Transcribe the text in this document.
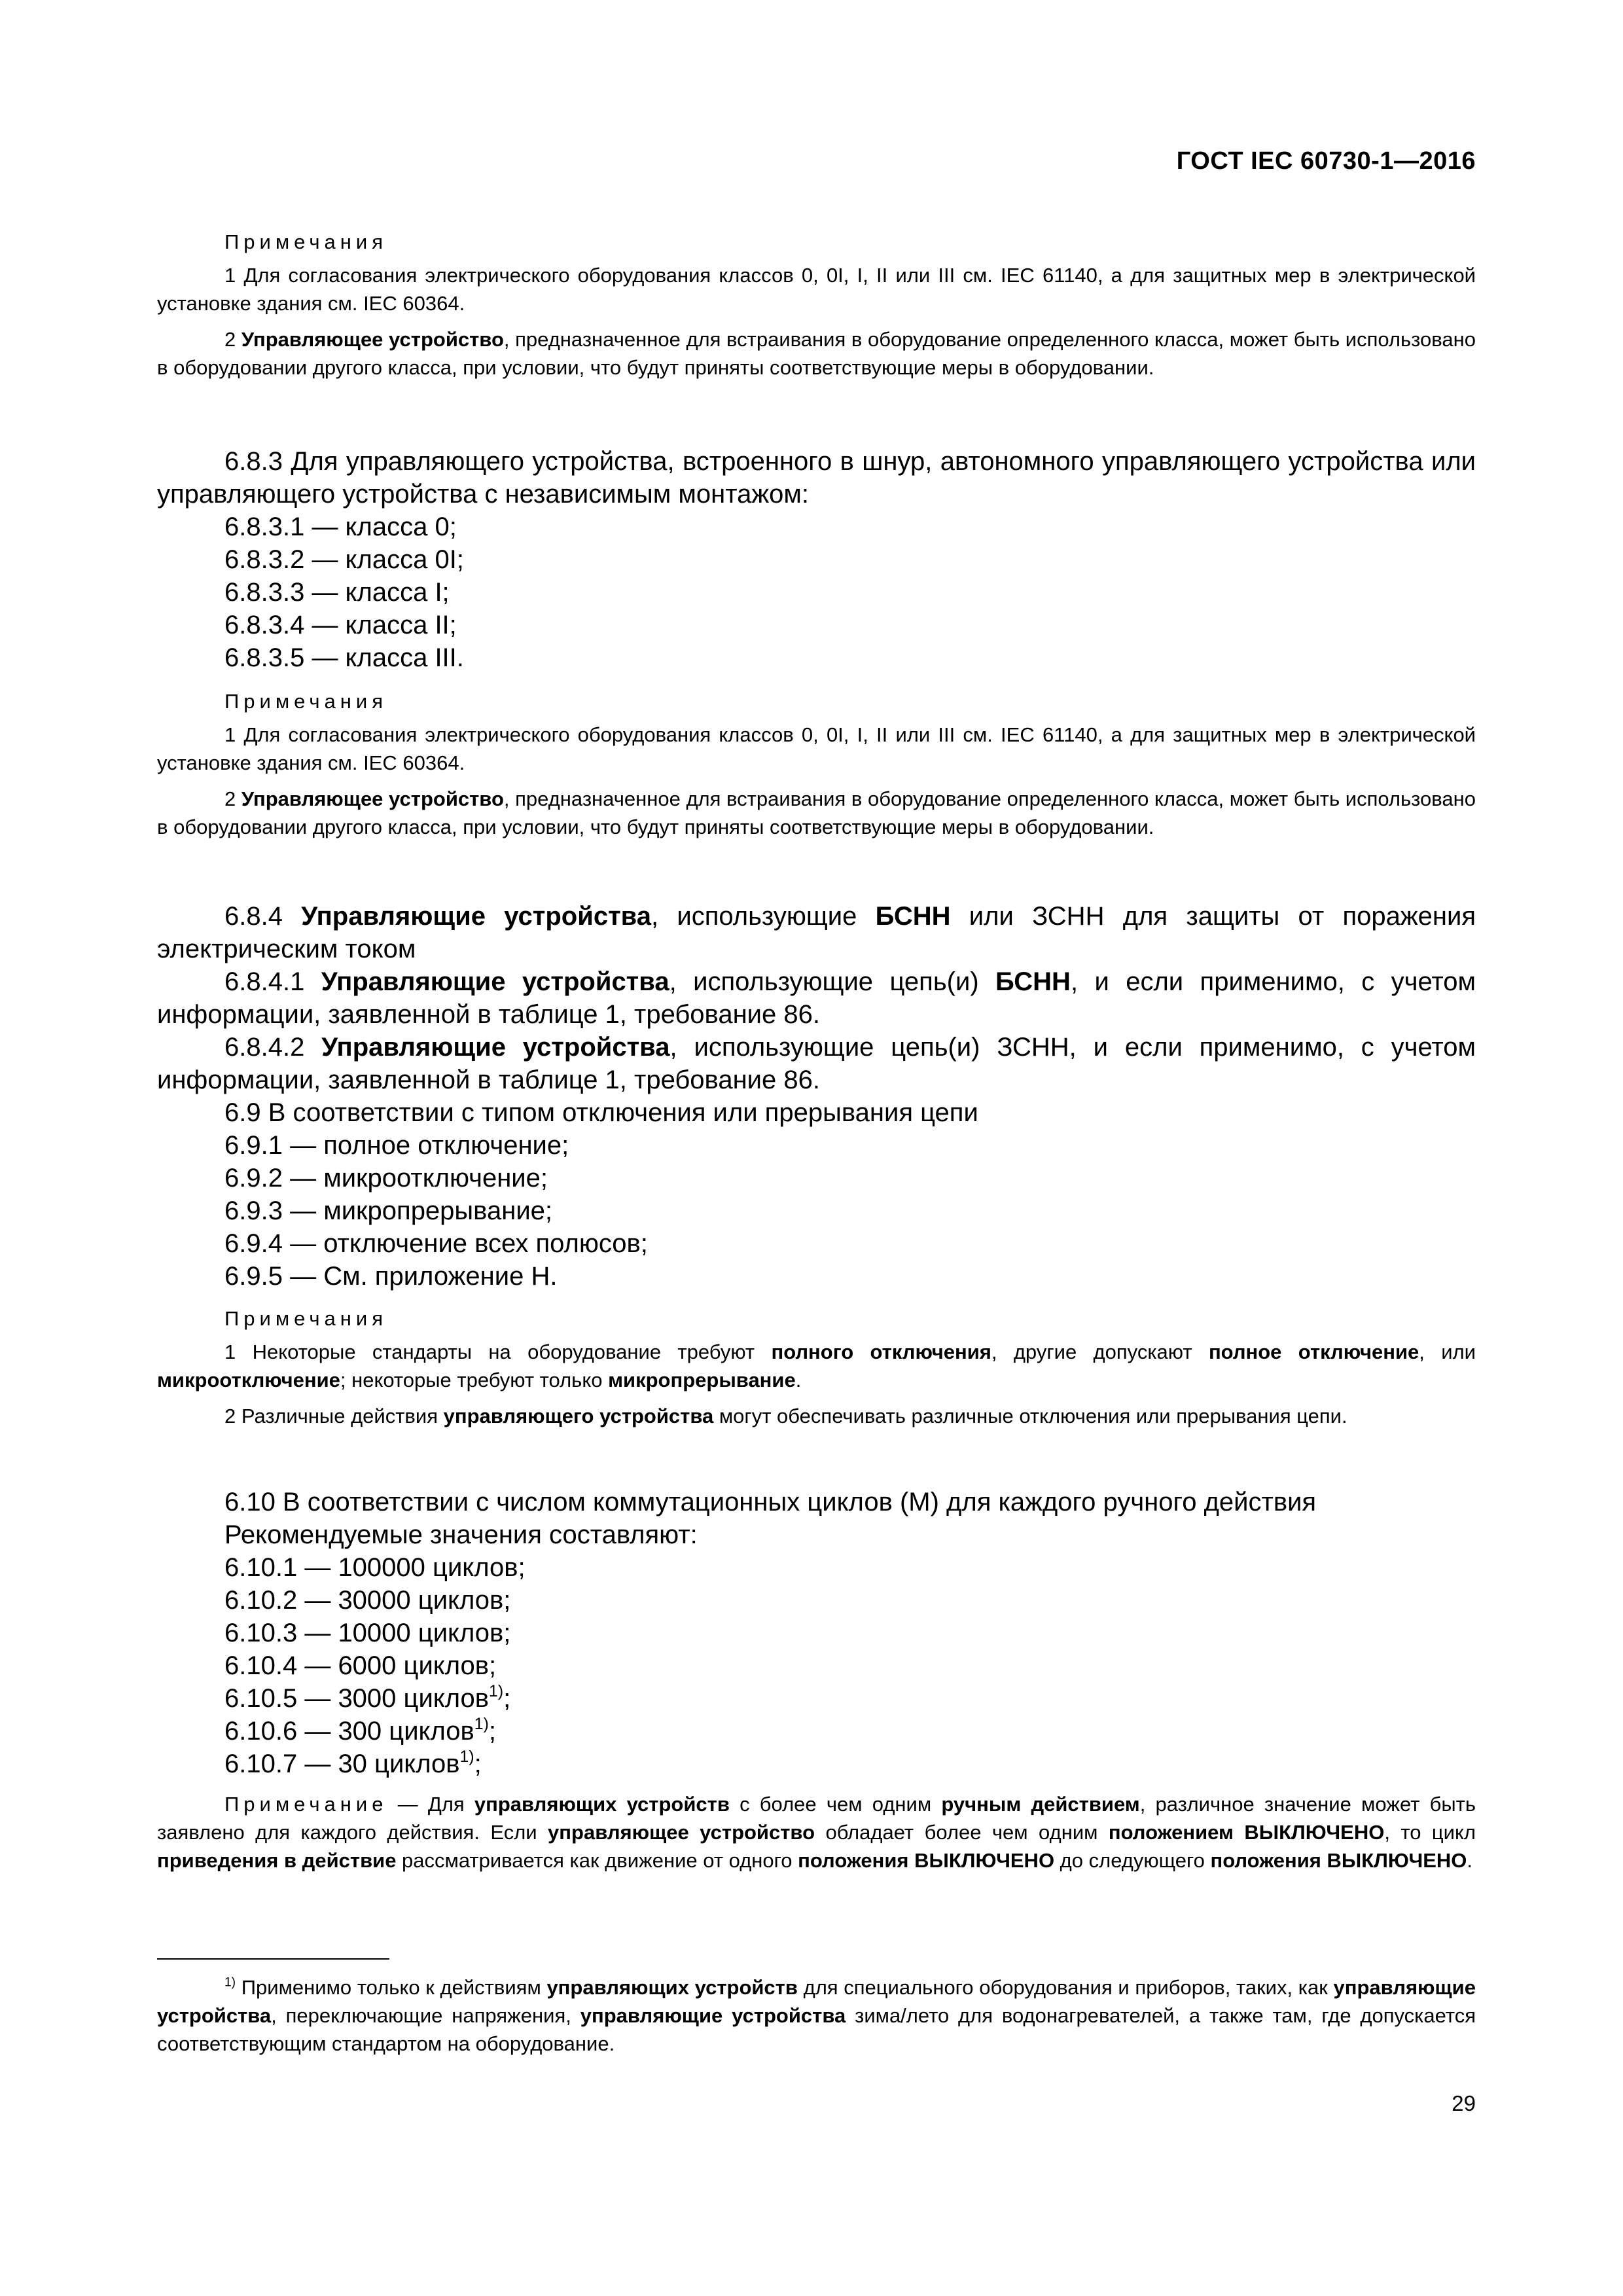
ГОСТ IEC 60730-1—2016

Примечания

1 Для согласования электрического оборудования классов 0, 0I, I, II или III см. IEC 61140, а для защитных мер в электрической установке здания см. IEC 60364.

2 Управляющее устройство, предназначенное для встраивания в оборудование определенного класса, может быть использовано в оборудовании другого класса, при условии, что будут приняты соответствующие меры в оборудовании.

6.8.3 Для управляющего устройства, встроенного в шнур, автономного управляющего устройства или управляющего устройства с независимым монтажом:

6.8.3.1 — класса 0;

6.8.3.2 — класса 0I;

6.8.3.3 — класса I;

6.8.3.4 — класса II;

6.8.3.5 — класса III.

Примечания

1 Для согласования электрического оборудования классов 0, 0I, I, II или III см. IEC 61140, а для защитных мер в электрической установке здания см. IEC 60364.

2 Управляющее устройство, предназначенное для встраивания в оборудование определенного класса, может быть использовано в оборудовании другого класса, при условии, что будут приняты соответствующие меры в оборудовании.

6.8.4 Управляющие устройства, использующие БСНН или ЗСНН для защиты от поражения электрическим током

6.8.4.1 Управляющие устройства, использующие цепь(и) БСНН, и если применимо, с учетом информации, заявленной в таблице 1, требование 86.

6.8.4.2 Управляющие устройства, использующие цепь(и) ЗСНН, и если применимо, с учетом информации, заявленной в таблице 1, требование 86.

6.9 В соответствии с типом отключения или прерывания цепи

6.9.1 — полное отключение;

6.9.2 — микроотключение;

6.9.3 — микропрерывание;

6.9.4 — отключение всех полюсов;

6.9.5 — См. приложение Н.

Примечания

1 Некоторые стандарты на оборудование требуют полного отключения, другие допускают полное отключение, или микроотключение; некоторые требуют только микропрерывание.

2 Различные действия управляющего устройства могут обеспечивать различные отключения или прерывания цепи.

6.10 В соответствии с числом коммутационных циклов (М) для каждого ручного действия

Рекомендуемые значения составляют:

6.10.1 — 100000 циклов;

6.10.2 — 30000 циклов;

6.10.3 — 10000 циклов;

6.10.4 — 6000 циклов;

6.10.5 — 3000 циклов$^{1)}$;

6.10.6 — 300 циклов$^{1)}$;

6.10.7 — 30 циклов$^{1)}$;

Примечание — Для управляющих устройств с более чем одним ручным действием, различное значение может быть заявлено для каждого действия. Если управляющее устройство обладает более чем одним положением ВЫКЛЮЧЕНО, то цикл приведения в действие рассматривается как движение от одного положения ВЫКЛЮЧЕНО до следующего положения ВЫКЛЮЧЕНО.

$^{1)}$ Применимо только к действиям управляющих устройств для специального оборудования и приборов, таких, как управляющие устройства, переключающие напряжения, управляющие устройства зима/лето для водонагревателей, а также там, где допускается соответствующим стандартом на оборудование.

29
